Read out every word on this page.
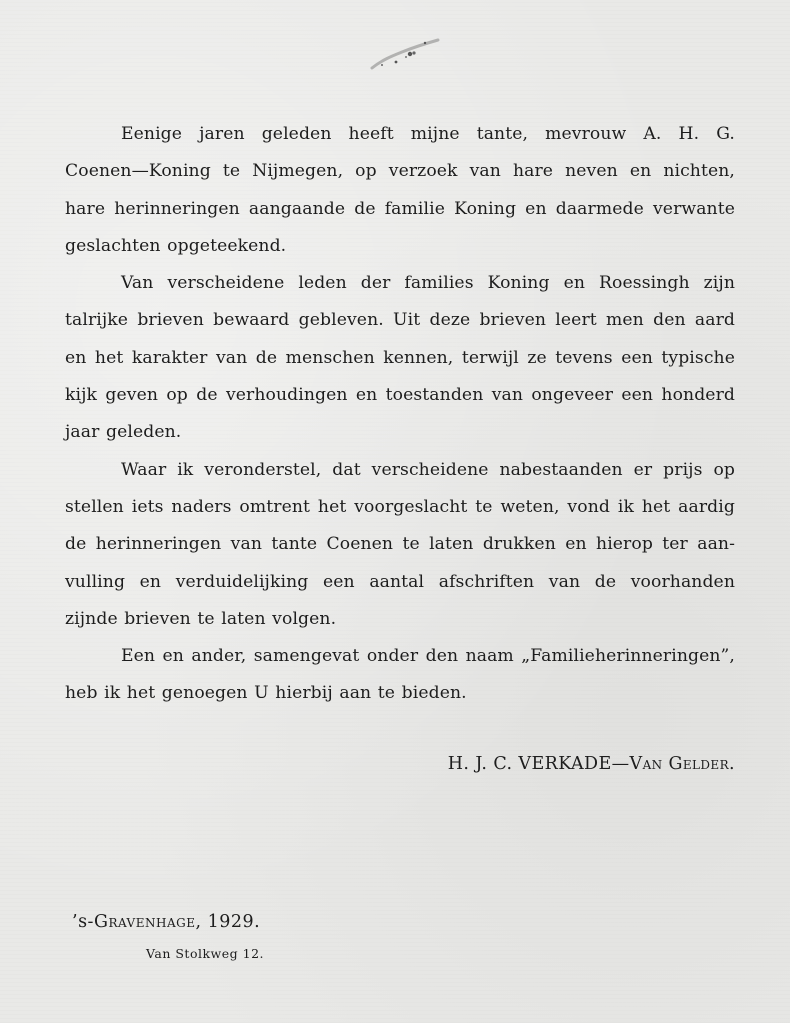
Eenige jaren geleden heeft mijne tante, mevrouw A. H. G.
Coenen—Koning te Nijmegen, op verzoek van hare neven en nichten,
hare herinneringen aangaande de familie Koning en daarmede verwante
geslachten opgeteekend.

Van verscheidene leden der families Koning en Roessingh zijn
talrijke brieven bewaard gebleven. Uit deze brieven leert men den aard
en het karakter van de menschen kennen, terwijl ze tevens een typische
kijk geven op de verhoudingen en toestanden van ongeveer een honderd
jaar geleden.

Waar ik veronderstel, dat verscheidene nabestaanden er prijs op
stellen iets naders omtrent het voorgeslacht te weten, vond ik het aardig
de herinneringen van tante Coenen te laten drukken en hierop ter aan-
vulling en verduidelijking een aantal afschriften van de voorhanden
zijnde brieven te laten volgen.

Een en ander, samengevat onder den naam „Familieherinneringen”,
heb ik het genoegen U hierbij aan te bieden.

H. J. C. VERKADE—Van Gelder.
’s-Gravenhage, 1929.
Van Stolkweg 12.
